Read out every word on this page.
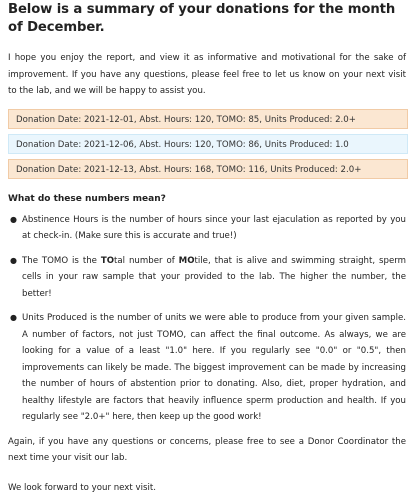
Below is a summary of your donations for the month of December.

I hope you enjoy the report, and view it as informative and motivational for the sake of improvement. If you have any questions, please feel free to let us know on your next visit to the lab, and we will be happy to assist you.

Donation Date: 2021-12-01, Abst. Hours: 120, TOMO: 85, Units Produced: 2.0+
Donation Date: 2021-12-06, Abst. Hours: 120, TOMO: 86, Units Produced: 1.0
Donation Date: 2021-12-13, Abst. Hours: 168, TOMO: 116, Units Produced: 2.0+
What do these numbers mean?
● Abstinence Hours is the number of hours since your last ejaculation as reported by you at check-in. (Make sure this is accurate and true!)
● The TOMO is the TOtal number of MOtile, that is alive and swimming straight, sperm cells in your raw sample that your provided to the lab. The higher the number, the better!
● Units Produced is the number of units we were able to produce from your given sample. A number of factors, not just TOMO, can affect the final outcome. As always, we are looking for a value of a least "1.0" here. If you regularly see "0.0" or "0.5", then improvements can likely be made. The biggest improvement can be made by increasing the number of hours of abstention prior to donating. Also, diet, proper hydration, and healthy lifestyle are factors that heavily influence sperm production and health. If you regularly see "2.0+" here, then keep up the good work!

Again, if you have any questions or concerns, please free to see a Donor Coordinator the next time your visit our lab.

We look forward to your next visit.
